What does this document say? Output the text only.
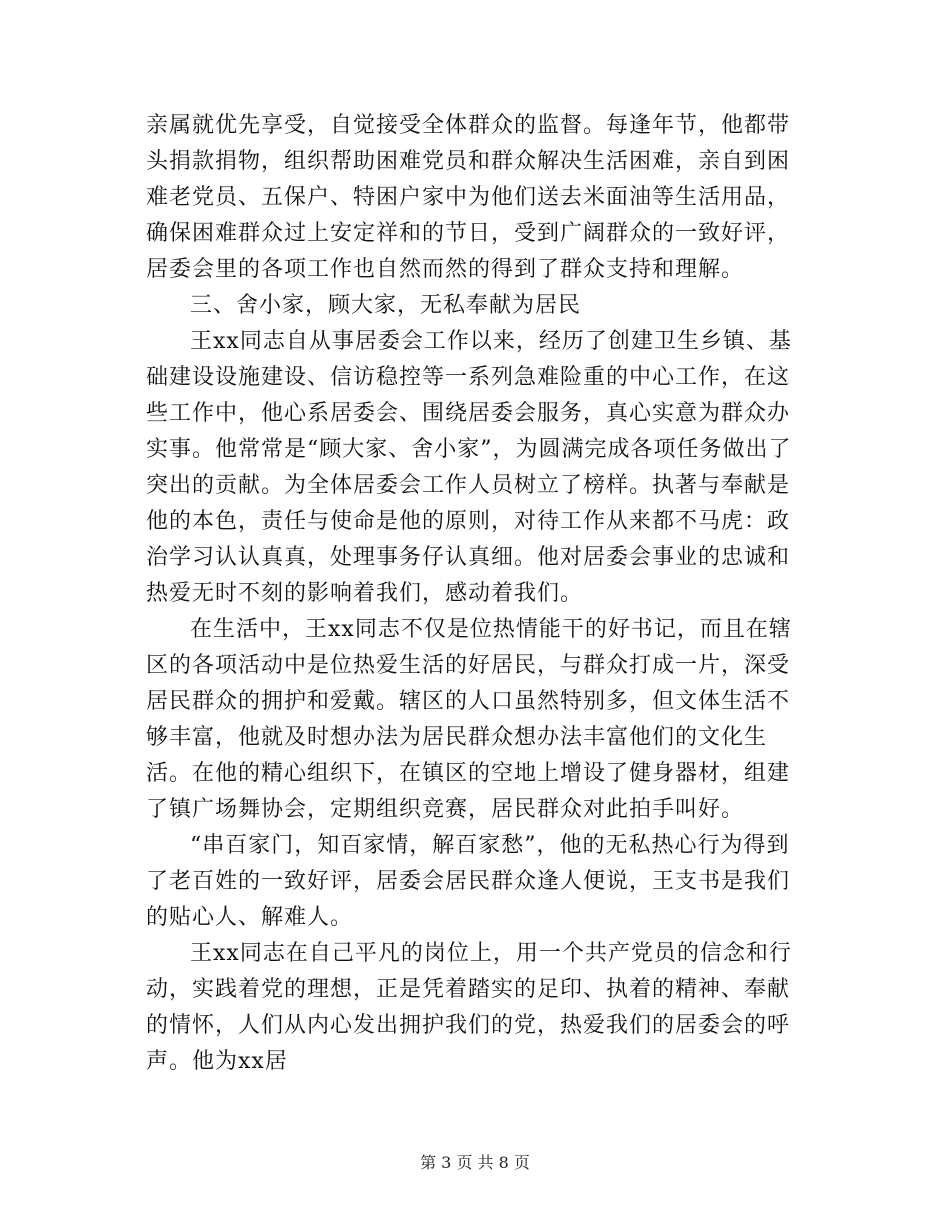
亲属就优先享受，自觉接受全体群众的监督。每逢年节，他都带头捐款捐物，组织帮助困难党员和群众解决生活困难，亲自到困难老党员、五保户、特困户家中为他们送去米面油等生活用品，确保困难群众过上安定祥和的节日，受到广阔群众的一致好评，居委会里的各项工作也自然而然的得到了群众支持和理解。

三、舍小家，顾大家，无私奉献为居民

王xx同志自从事居委会工作以来，经历了创建卫生乡镇、基础建设设施建设、信访稳控等一系列急难险重的中心工作，在这些工作中，他心系居委会、围绕居委会服务，真心实意为群众办实事。他常常是“顾大家、舍小家”，为圆满完成各项任务做出了突出的贡献。为全体居委会工作人员树立了榜样。执著与奉献是他的本色，责任与使命是他的原则，对待工作从来都不马虎：政治学习认认真真，处理事务仔认真细。他对居委会事业的忠诚和热爱无时不刻的影响着我们，感动着我们。

在生活中，王xx同志不仅是位热情能干的好书记，而且在辖区的各项活动中是位热爱生活的好居民，与群众打成一片，深受居民群众的拥护和爱戴。辖区的人口虽然特别多，但文体生活不够丰富，他就及时想办法为居民群众想办法丰富他们的文化生活。在他的精心组织下，在镇区的空地上增设了健身器材，组建了镇广场舞协会，定期组织竞赛，居民群众对此拍手叫好。

“串百家门，知百家情，解百家愁”，他的无私热心行为得到了老百姓的一致好评，居委会居民群众逢人便说，王支书是我们的贴心人、解难人。

王xx同志在自己平凡的岗位上，用一个共产党员的信念和行动，实践着党的理想，正是凭着踏实的足印、执着的精神、奉献的情怀，人们从内心发出拥护我们的党，热爱我们的居委会的呼声。他为xx居

第 3 页 共 8 页
